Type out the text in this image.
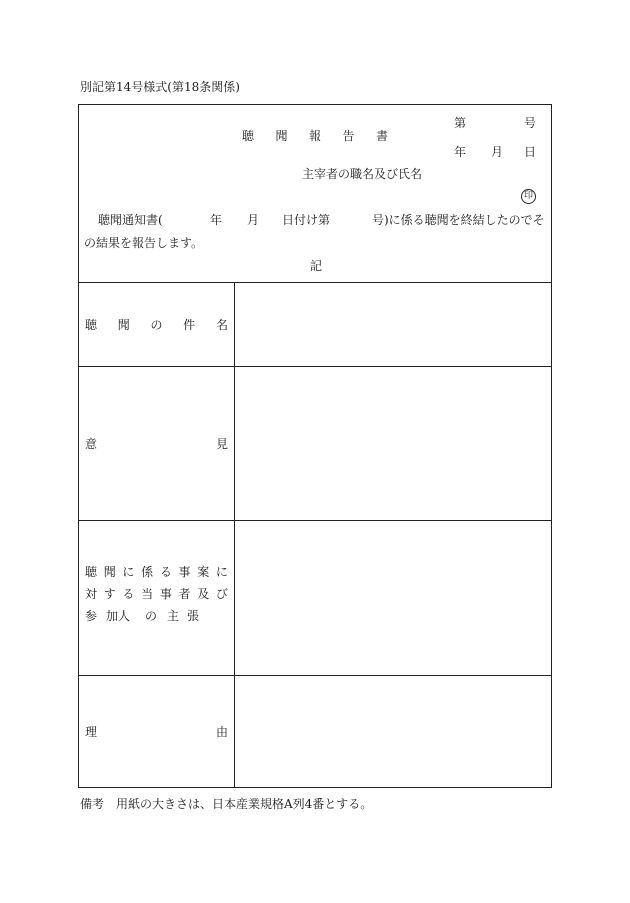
別記第14号様式(第18条関係)
聴 聞 報 告 書
第	号
年 月 日
主宰者の職名及び氏名
印
聴聞通知書(	年 月 日付け第	号)に係る聴聞を終結したのでそ
の結果を報告します。
記
聴 聞 の 件 名
意	見
聴 聞 に 係 る 事 案 に
対 す る 当 事 者 及 び
参 加人 の 主 張
理	由
備考　用紙の大きさは、日本産業規格A列4番とする。
